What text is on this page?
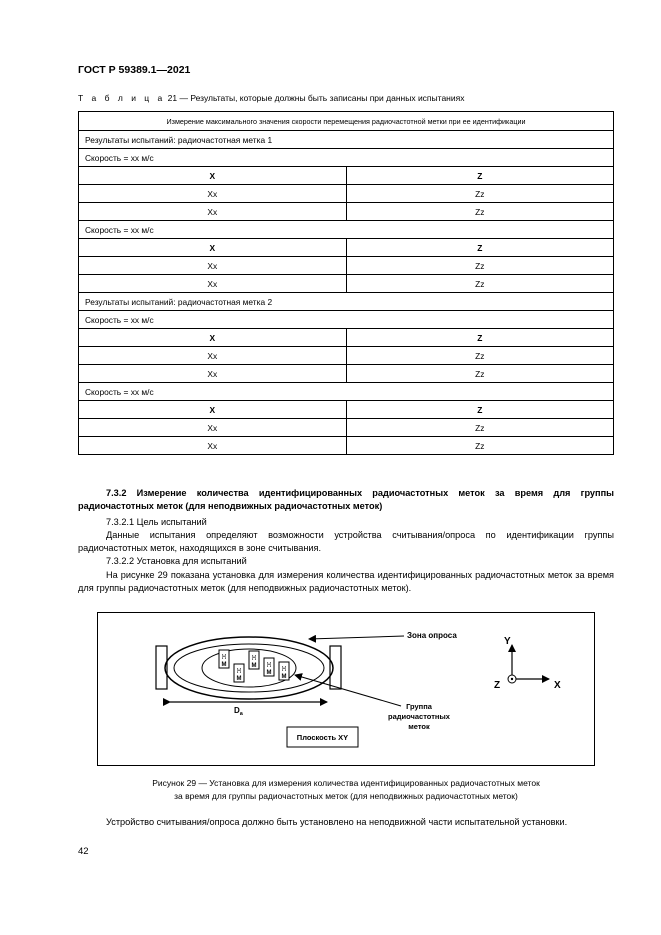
ГОСТ Р 59389.1—2021
Т а б л и ц а 21 — Результаты, которые должны быть записаны при данных испытаниях
Измерение максимального значения скорости перемещения радиочастотной метки при ее идентификации	
Результаты испытаний: радиочастотная метка 1	
Скорость = хх м/с	
X	Z
Xx	Zz
Xx	Zz
Скорость = хх м/с	
X	Z
Xx	Zz
Xx	Zz
Результаты испытаний: радиочастотная метка 2	
Скорость = хх м/с	
X	Z
Xx	Zz
Xx	Zz
Скорость = хх м/с	
X	Z
Xx	Zz
Xx	Zz
7.3.2 Измерение количества идентифицированных радиочастотных меток за время для группы радиочастотных меток (для неподвижных радиочастотных меток)
7.3.2.1 Цель испытаний
Данные испытания определяют возможности устройства считывания/опроса по идентификации группы радиочастотных меток, находящихся в зоне считывания.
7.3.2.2 Установка для испытаний
На рисунке 29 показана установка для измерения количества идентифицированных радиочастотных меток за время для группы радиочастотных меток (для неподвижных радиочастотных меток).
[•]
M
[•]
M
[•]
M [•]
M
[•]
M
Зона опроса
Группа
радиочастотных
меток
$D_a$
Плоскость XY
Y
X
Z
Рисунок 29 — Установка для измерения количества идентифицированных радиочастотных меток
за время для группы радиочастотных меток (для неподвижных радиочастотных меток)
Устройство считывания/опроса должно быть установлено на неподвижной части испытательной установки.
42
